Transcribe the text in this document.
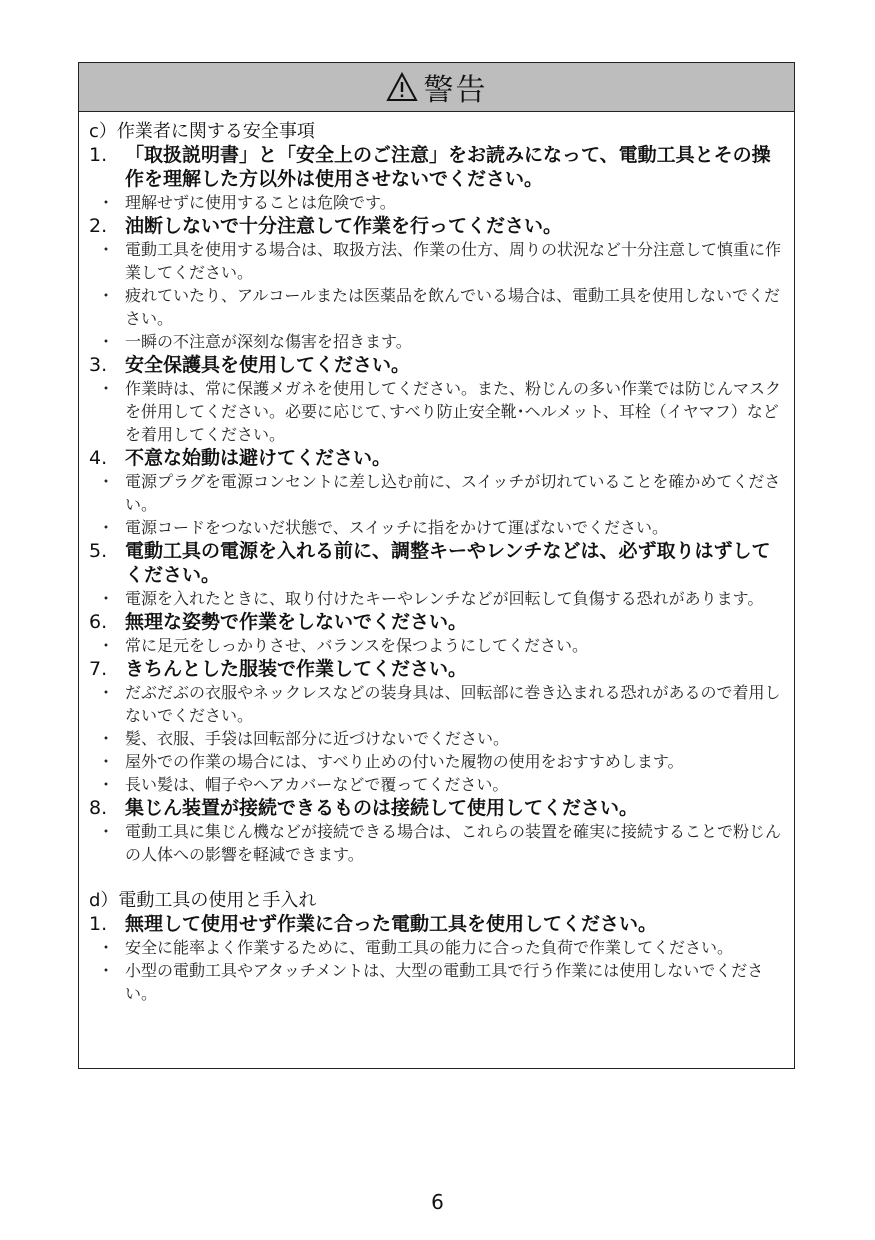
警告
c）作業者に関する安全事項
1. 「取扱説明書」と「安全上のご注意」をお読みになって、電動工具とその操作を理解した方以外は使用させないでください。
・ 理解せずに使用することは危険です。
2. 油断しないで十分注意して作業を行ってください。
・ 電動工具を使用する場合は、取扱方法、作業の仕方、周りの状況など十分注意して慎重に作業してください。
・ 疲れていたり、アルコールまたは医薬品を飲んでいる場合は、電動工具を使用しないでください。
・ 一瞬の不注意が深刻な傷害を招きます。
3. 安全保護具を使用してください。
・ 作業時は、常に保護メガネを使用してください。また、粉じんの多い作業では防じんマスクを併用してください。必要に応じて､すべり防止安全靴･ヘルメット、耳栓（イヤマフ）などを着用してください。
4. 不意な始動は避けてください。
・ 電源プラグを電源コンセントに差し込む前に、スイッチが切れていることを確かめてください。
・ 電源コードをつないだ状態で、スイッチに指をかけて運ばないでください。
5. 電動工具の電源を入れる前に、調整キーやレンチなどは、必ず取りはずしてください。
・ 電源を入れたときに、取り付けたキーやレンチなどが回転して負傷する恐れがあります。
6. 無理な姿勢で作業をしないでください。
・ 常に足元をしっかりさせ、バランスを保つようにしてください。
7. きちんとした服装で作業してください。
・ だぶだぶの衣服やネックレスなどの装身具は、回転部に巻き込まれる恐れがあるので着用しないでください。
・ 髪、衣服、手袋は回転部分に近づけないでください。
・ 屋外での作業の場合には、すべり止めの付いた履物の使用をおすすめします。
・ 長い髪は、帽子やヘアカバーなどで覆ってください。
8. 集じん装置が接続できるものは接続して使用してください。
・ 電動工具に集じん機などが接続できる場合は、これらの装置を確実に接続することで粉じんの人体への影響を軽減できます。
d）電動工具の使用と手入れ
1. 無理して使用せず作業に合った電動工具を使用してください。
・ 安全に能率よく作業するために、電動工具の能力に合った負荷で作業してください。
・ 小型の電動工具やアタッチメントは、大型の電動工具で行う作業には使用しないでください。
6
